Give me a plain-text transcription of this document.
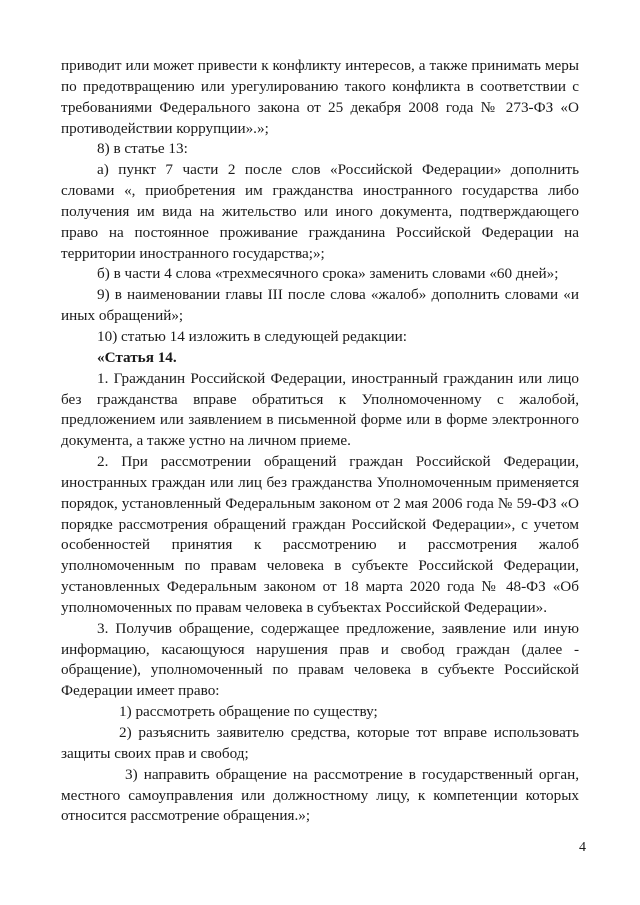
приводит или может привести к конфликту интересов, а также принимать меры
по предотвращению или урегулированию такого конфликта в соответствии с
требованиями Федерального закона от 25 декабря 2008 года № 273-ФЗ «О
противодействии коррупции».»;
8) в статье 13:
а) пункт 7 части 2 после слов «Российской Федерации» дополнить
словами «, приобретения им гражданства иностранного государства либо
получения им вида на жительство или иного документа, подтверждающего
право на постоянное проживание гражданина Российской Федерации на
территории иностранного государства;»;
б) в части 4 слова «трехмесячного срока» заменить словами «60 дней»;
9) в наименовании главы III после слова «жалоб» дополнить словами «и
иных обращений»;
10) статью 14 изложить в следующей редакции:
«Статья 14.
1. Гражданин Российской Федерации, иностранный гражданин или лицо
без гражданства вправе обратиться к Уполномоченному с жалобой,
предложением или заявлением в письменной форме или в форме электронного
документа, а также устно на личном приеме.
2. При рассмотрении обращений граждан Российской Федерации,
иностранных граждан или лиц без гражданства Уполномоченным применяется
порядок, установленный Федеральным законом от 2 мая 2006 года № 59-ФЗ «О
порядке рассмотрения обращений граждан Российской Федерации», с учетом
особенностей принятия к рассмотрению и рассмотрения жалоб
уполномоченным по правам человека в субъекте Российской Федерации,
установленных Федеральным законом от 18 марта 2020 года № 48-ФЗ «Об
уполномоченных по правам человека в субъектах Российской Федерации».
3. Получив обращение, содержащее предложение, заявление или иную
информацию, касающуюся нарушения прав и свобод граждан (далее -
обращение), уполномоченный по правам человека в субъекте Российской
Федерации имеет право:
1) рассмотреть обращение по существу;
2) разъяснить заявителю средства, которые тот вправе использовать
защиты своих прав и свобод;
3) направить обращение на рассмотрение в государственный орган,
местного самоуправления или должностному лицу, к компетенции которых
относится рассмотрение обращения.»;
4
